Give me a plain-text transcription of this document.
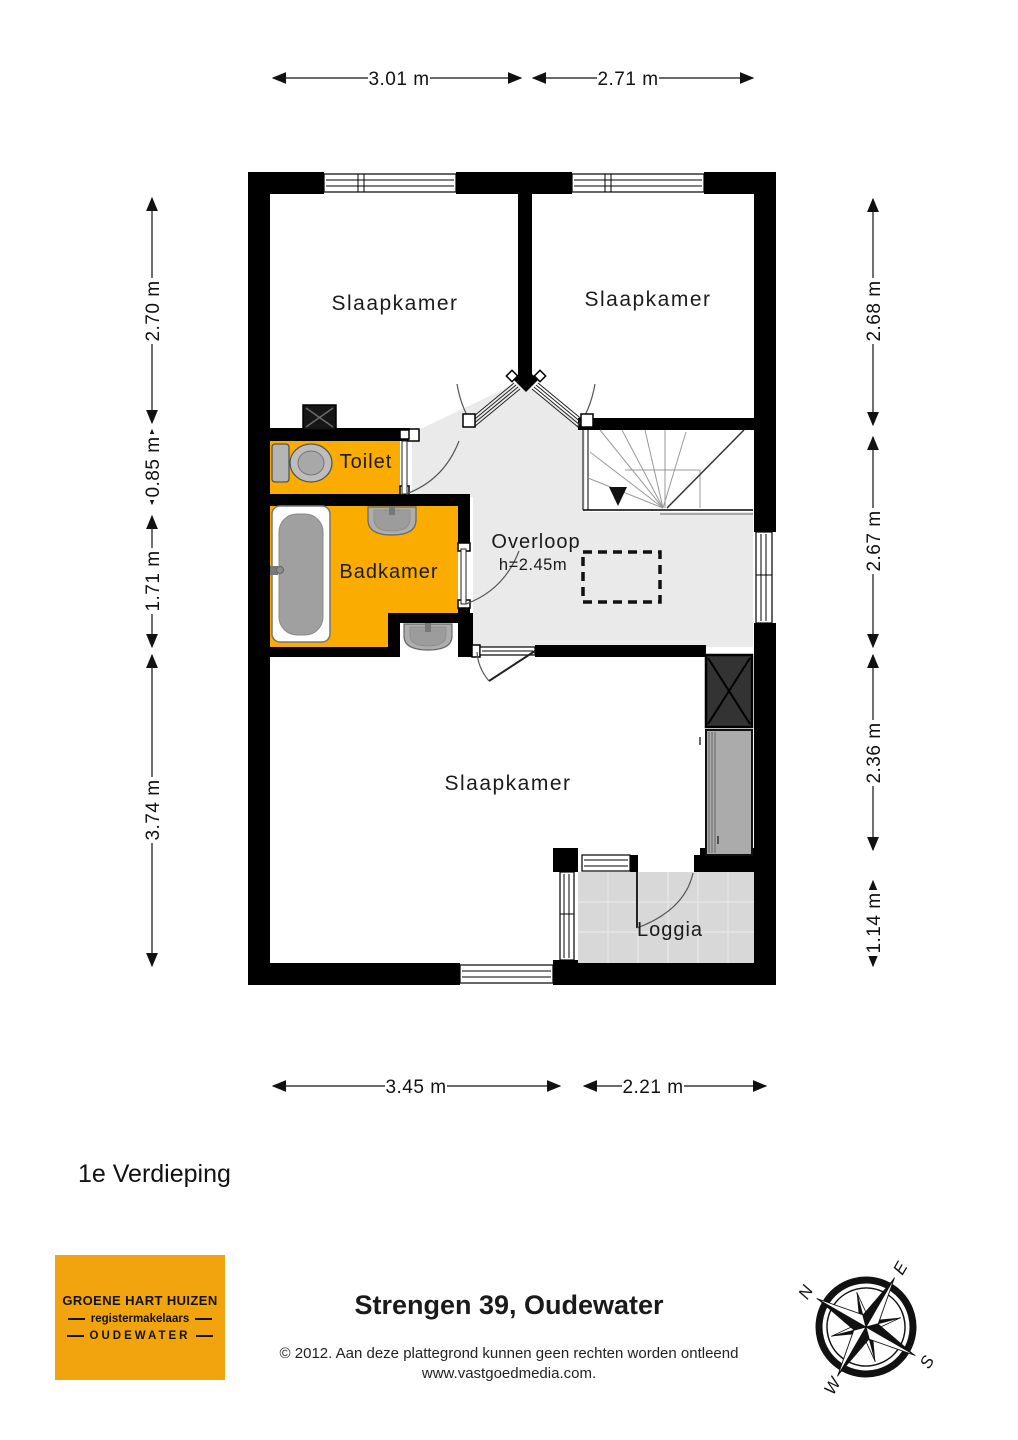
Slaapkamer	Slaapkamer
Toilet
Badkamer
Overloop
h=2.45m
Slaapkamer
Loggia
3.01 m	2.71 m
3.45 m	2.21 m
2.70 m
0.85 m
1.71 m
3.74 m
2.68 m
2.67 m
2.36 m
1.14 m
N
E
S
W
1e Verdieping
GROENE HART HUIZEN
registermakelaars
OUDEWATER
Strengen 39, Oudewater
© 2012. Aan deze plattegrond kunnen geen rechten worden ontleend
www.vastgoedmedia.com.
